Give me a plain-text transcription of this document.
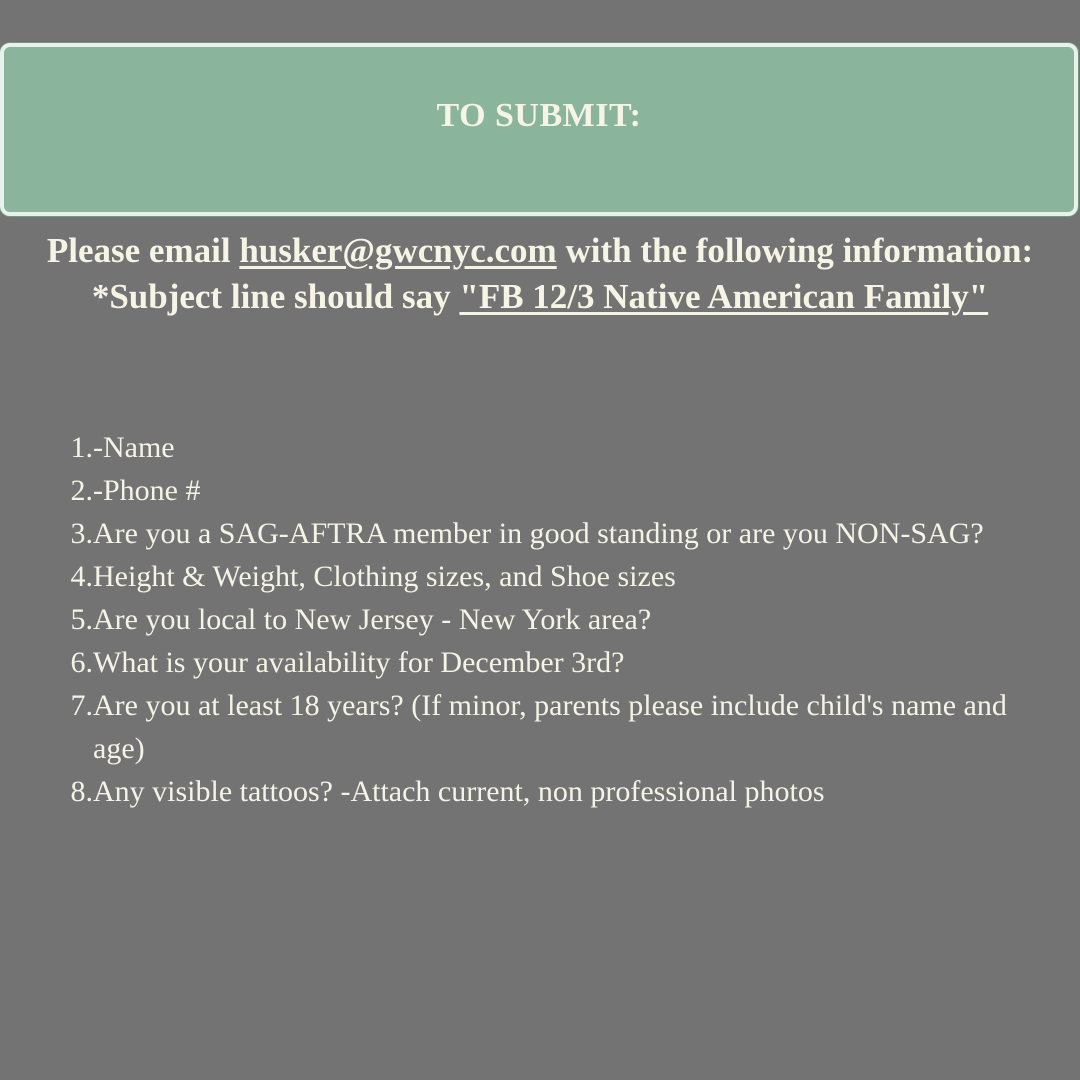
TO SUBMIT:
Please email husker@gwcnyc.com with the following information:
*Subject line should say "FB 12/3 Native American Family"
1. -Name
2. -Phone #
3. Are you a SAG-AFTRA member in good standing or are you NON-SAG?
4. Height & Weight, Clothing sizes, and Shoe sizes
5. Are you local to New Jersey - New York area?
6. What is your availability for December 3rd?
7. Are you at least 18 years? (If minor, parents please include child's name and age)
8. Any visible tattoos? -Attach current, non professional photos
